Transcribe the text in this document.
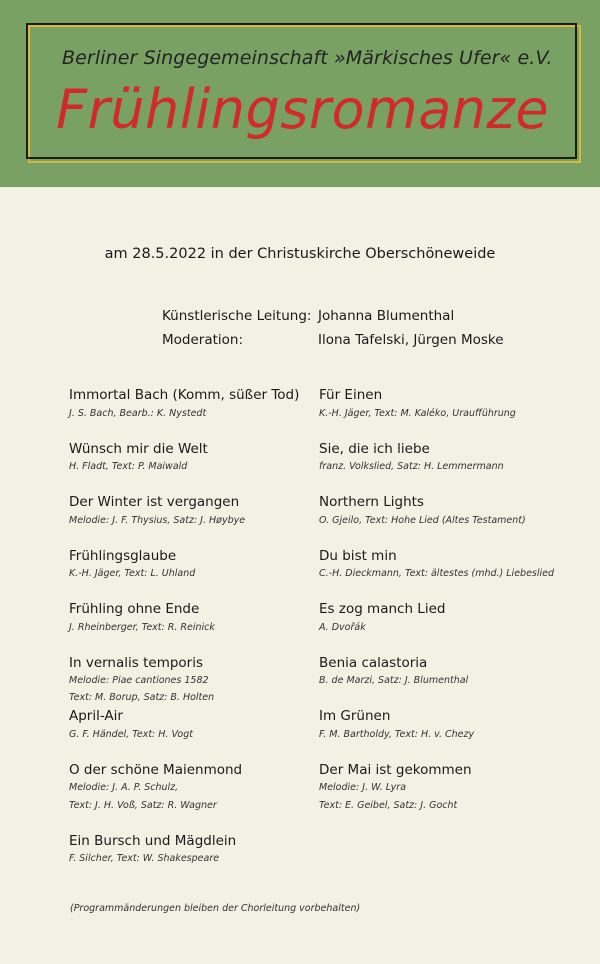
Berliner Singegemeinschaft »Märkisches Ufer« e.V.
Frühlingsromanze
am 28.5.2022 in der Christuskirche Oberschöneweide
Künstlerische Leitung: Johanna Blumenthal
Moderation:	Ilona Tafelski, Jürgen Moske
Immortal Bach (Komm, süßer Tod)
J. S. Bach, Bearb.: K. Nystedt
Wünsch mir die Welt
H. Fladt, Text: P. Maiwald
Der Winter ist vergangen
Melodie: J. F. Thysius, Satz: J. Høybye
Frühlingsglaube
K.-H. Jäger, Text: L. Uhland
Frühling ohne Ende
J. Rheinberger, Text: R. Reinick
In vernalis temporis
Melodie: Piae cantiones 1582
Text: M. Borup, Satz: B. Holten
April-Air
G. F. Händel, Text: H. Vogt
O der schöne Maienmond
Melodie: J. A. P. Schulz,
Text: J. H. Voß, Satz: R. Wagner
Ein Bursch und Mägdlein
F. Silcher, Text: W. Shakespeare
Für Einen
K.-H. Jäger, Text: M. Kaléko, Uraufführung
Sie, die ich liebe
franz. Volkslied, Satz: H. Lemmermann
Northern Lights
O. Gjeilo, Text: Hohe Lied (Altes Testament)
Du bist min
C.-H. Dieckmann, Text: ältestes (mhd.) Liebeslied
Es zog manch Lied
A. Dvořák
Benia calastoria
B. de Marzi, Satz: J. Blumenthal
Im Grünen
F. M. Bartholdy, Text: H. v. Chezy
Der Mai ist gekommen
Melodie: J. W. Lyra
Text: E. Geibel, Satz: J. Gocht
(Programmänderungen bleiben der Chorleitung vorbehalten)
